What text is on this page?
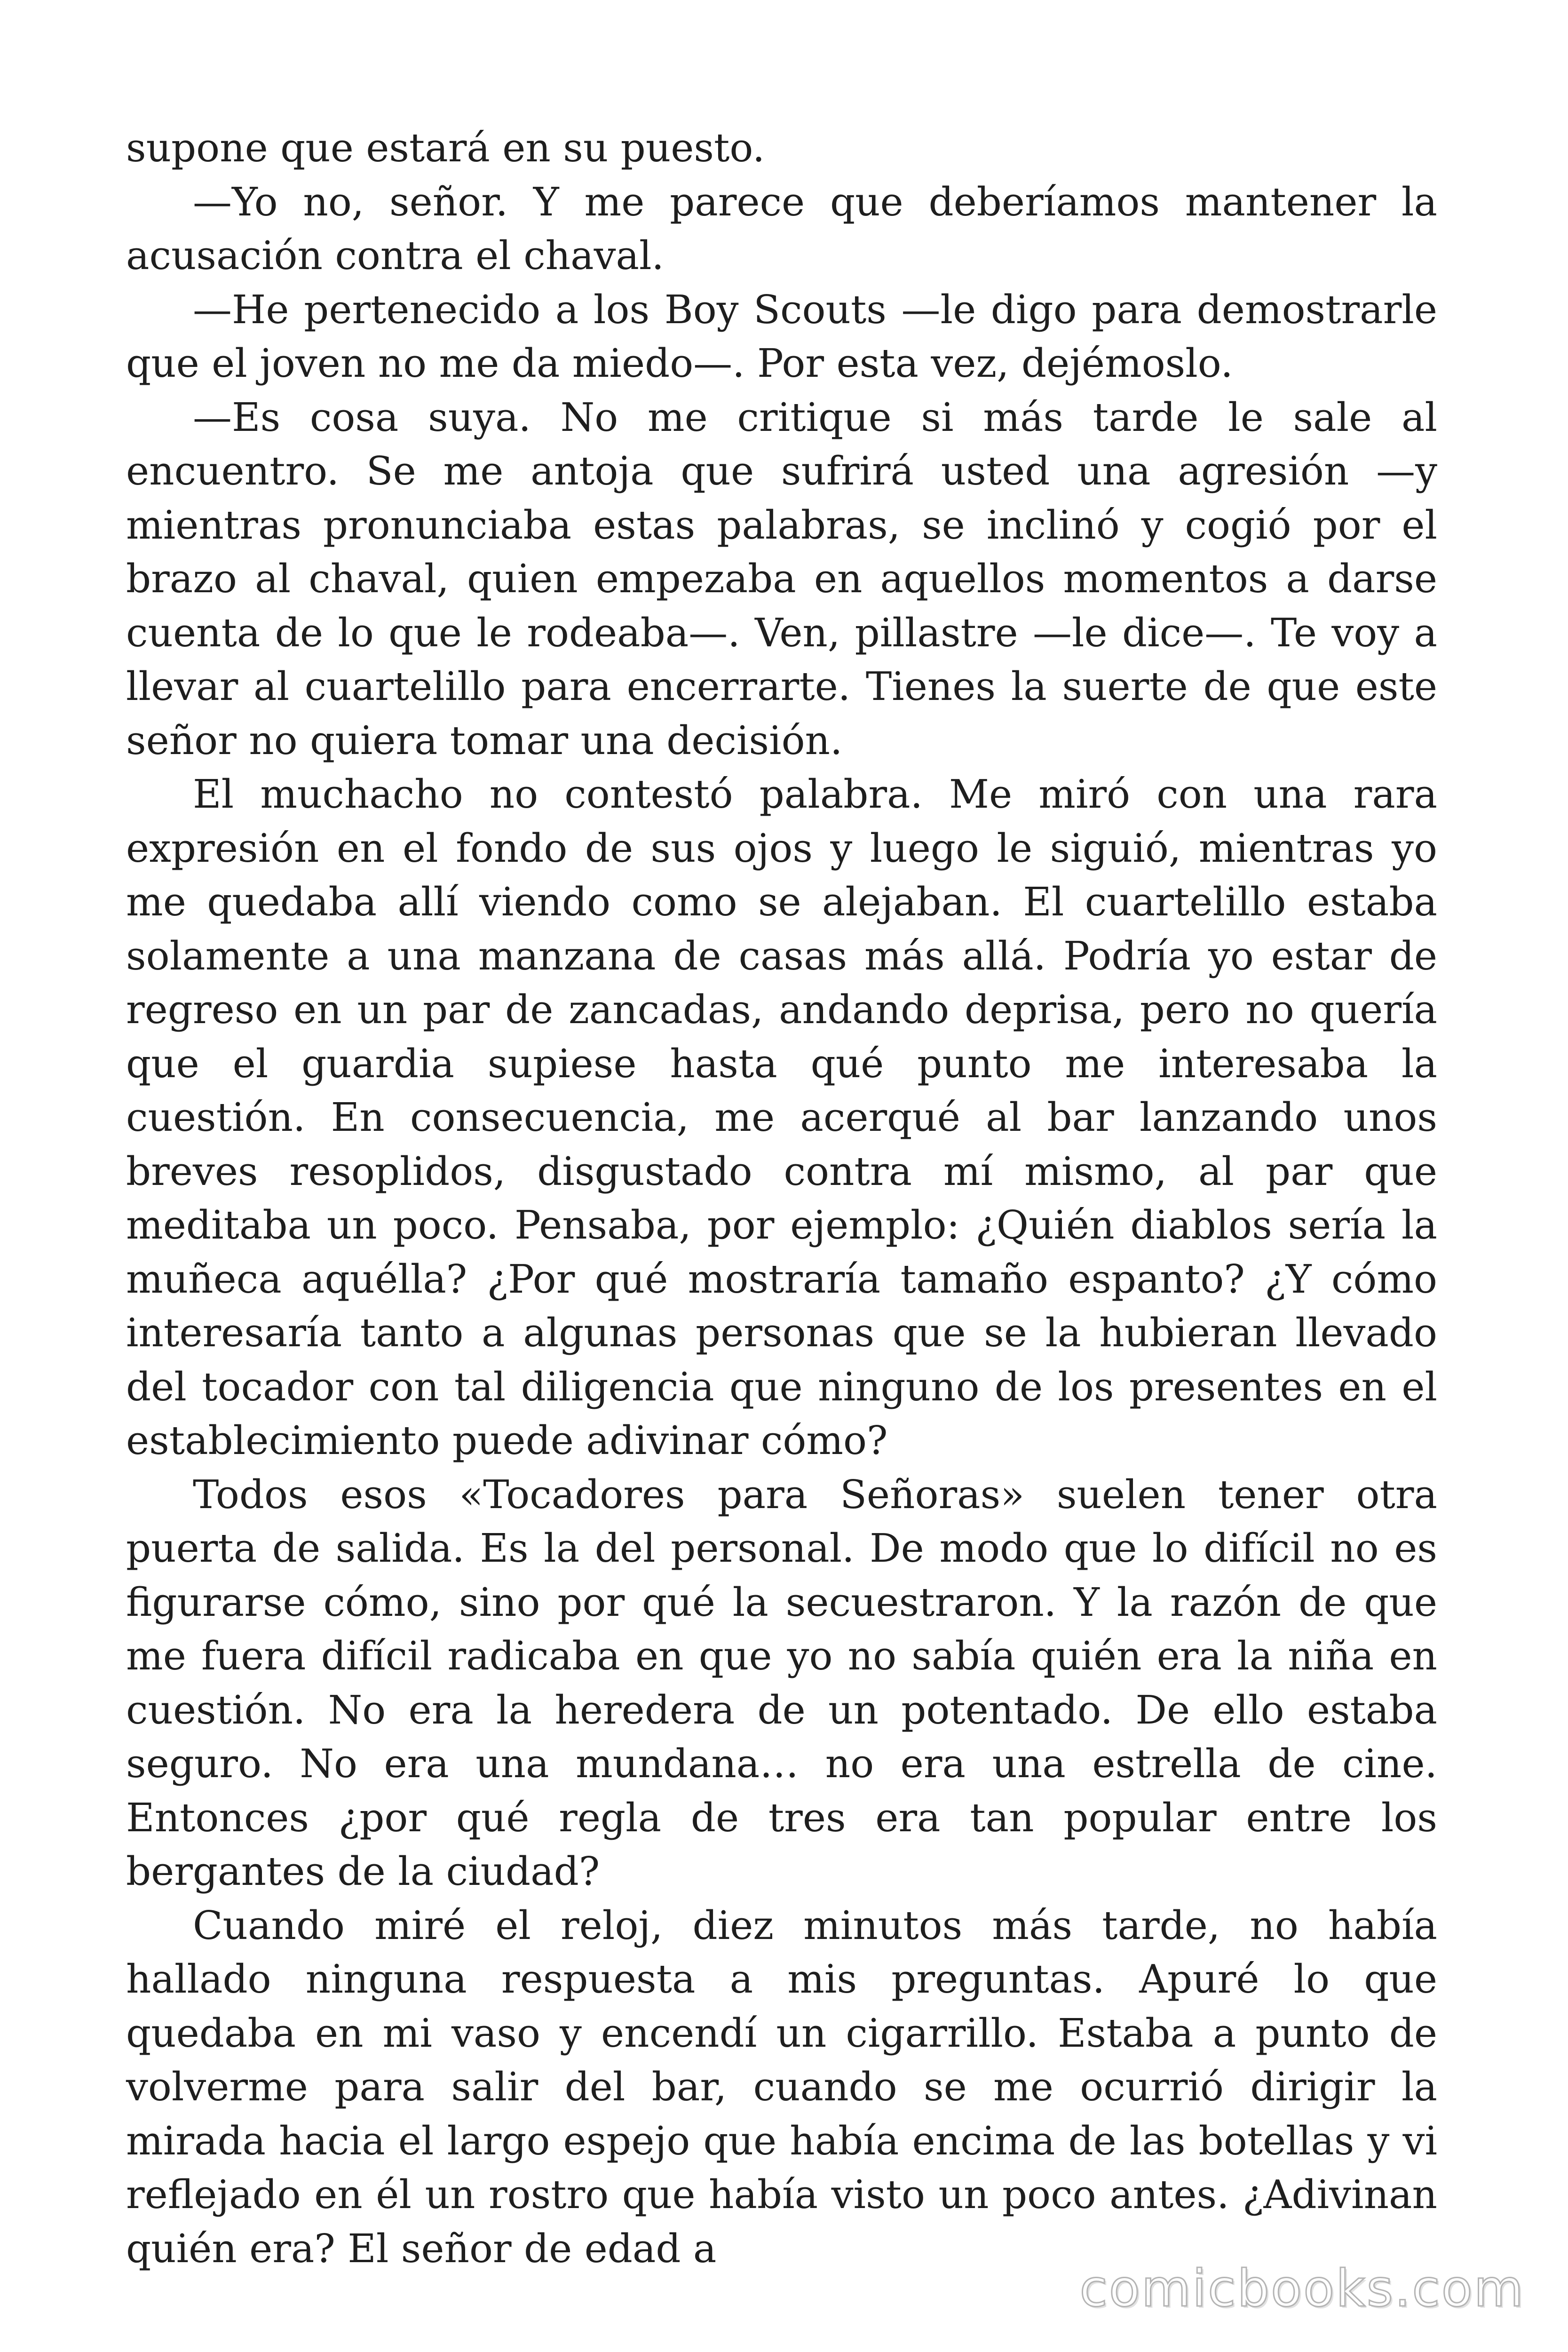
supone que estará en su puesto.

—Yo no, señor. Y me parece que deberíamos mantener la acusación contra el chaval.

—He pertenecido a los Boy Scouts —le digo para demostrarle que el joven no me da miedo—. Por esta vez, dejémoslo.

—Es cosa suya. No me critique si más tarde le sale al encuentro. Se me antoja que sufrirá usted una agresión —y mientras pronunciaba estas palabras, se inclinó y cogió por el brazo al chaval, quien empezaba en aquellos momentos a darse cuenta de lo que le rodeaba—. Ven, pillastre —le dice—. Te voy a llevar al cuartelillo para encerrarte. Tienes la suerte de que este señor no quiera tomar una decisión.

El muchacho no contestó palabra. Me miró con una rara expresión en el fondo de sus ojos y luego le siguió, mientras yo me quedaba allí viendo como se alejaban. El cuartelillo estaba solamente a una manzana de casas más allá. Podría yo estar de regreso en un par de zancadas, andando deprisa, pero no quería que el guardia supiese hasta qué punto me interesaba la cuestión. En consecuencia, me acerqué al bar lanzando unos breves resoplidos, disgustado contra mí mismo, al par que meditaba un poco. Pensaba, por ejemplo: ¿Quién diablos sería la muñeca aquélla? ¿Por qué mostraría tamaño espanto? ¿Y cómo interesaría tanto a algunas personas que se la hubieran llevado del tocador con tal diligencia que ninguno de los presentes en el establecimiento puede adivinar cómo?

Todos esos «Tocadores para Señoras» suelen tener otra puerta de salida. Es la del personal. De modo que lo difícil no es figurarse cómo, sino por qué la secuestraron. Y la razón de que me fuera difícil radicaba en que yo no sabía quién era la niña en cuestión. No era la heredera de un potentado. De ello estaba seguro. No era una mundana… no era una estrella de cine. Entonces ¿por qué regla de tres era tan popular entre los bergantes de la ciudad?

Cuando miré el reloj, diez minutos más tarde, no había hallado ninguna respuesta a mis preguntas. Apuré lo que quedaba en mi vaso y encendí un cigarrillo. Estaba a punto de volverme para salir del bar, cuando se me ocurrió dirigir la mirada hacia el largo espejo que había encima de las botellas y vi reflejado en él un rostro que había visto un poco antes. ¿Adivinan quién era? El señor de edad a

comicbooks.com
